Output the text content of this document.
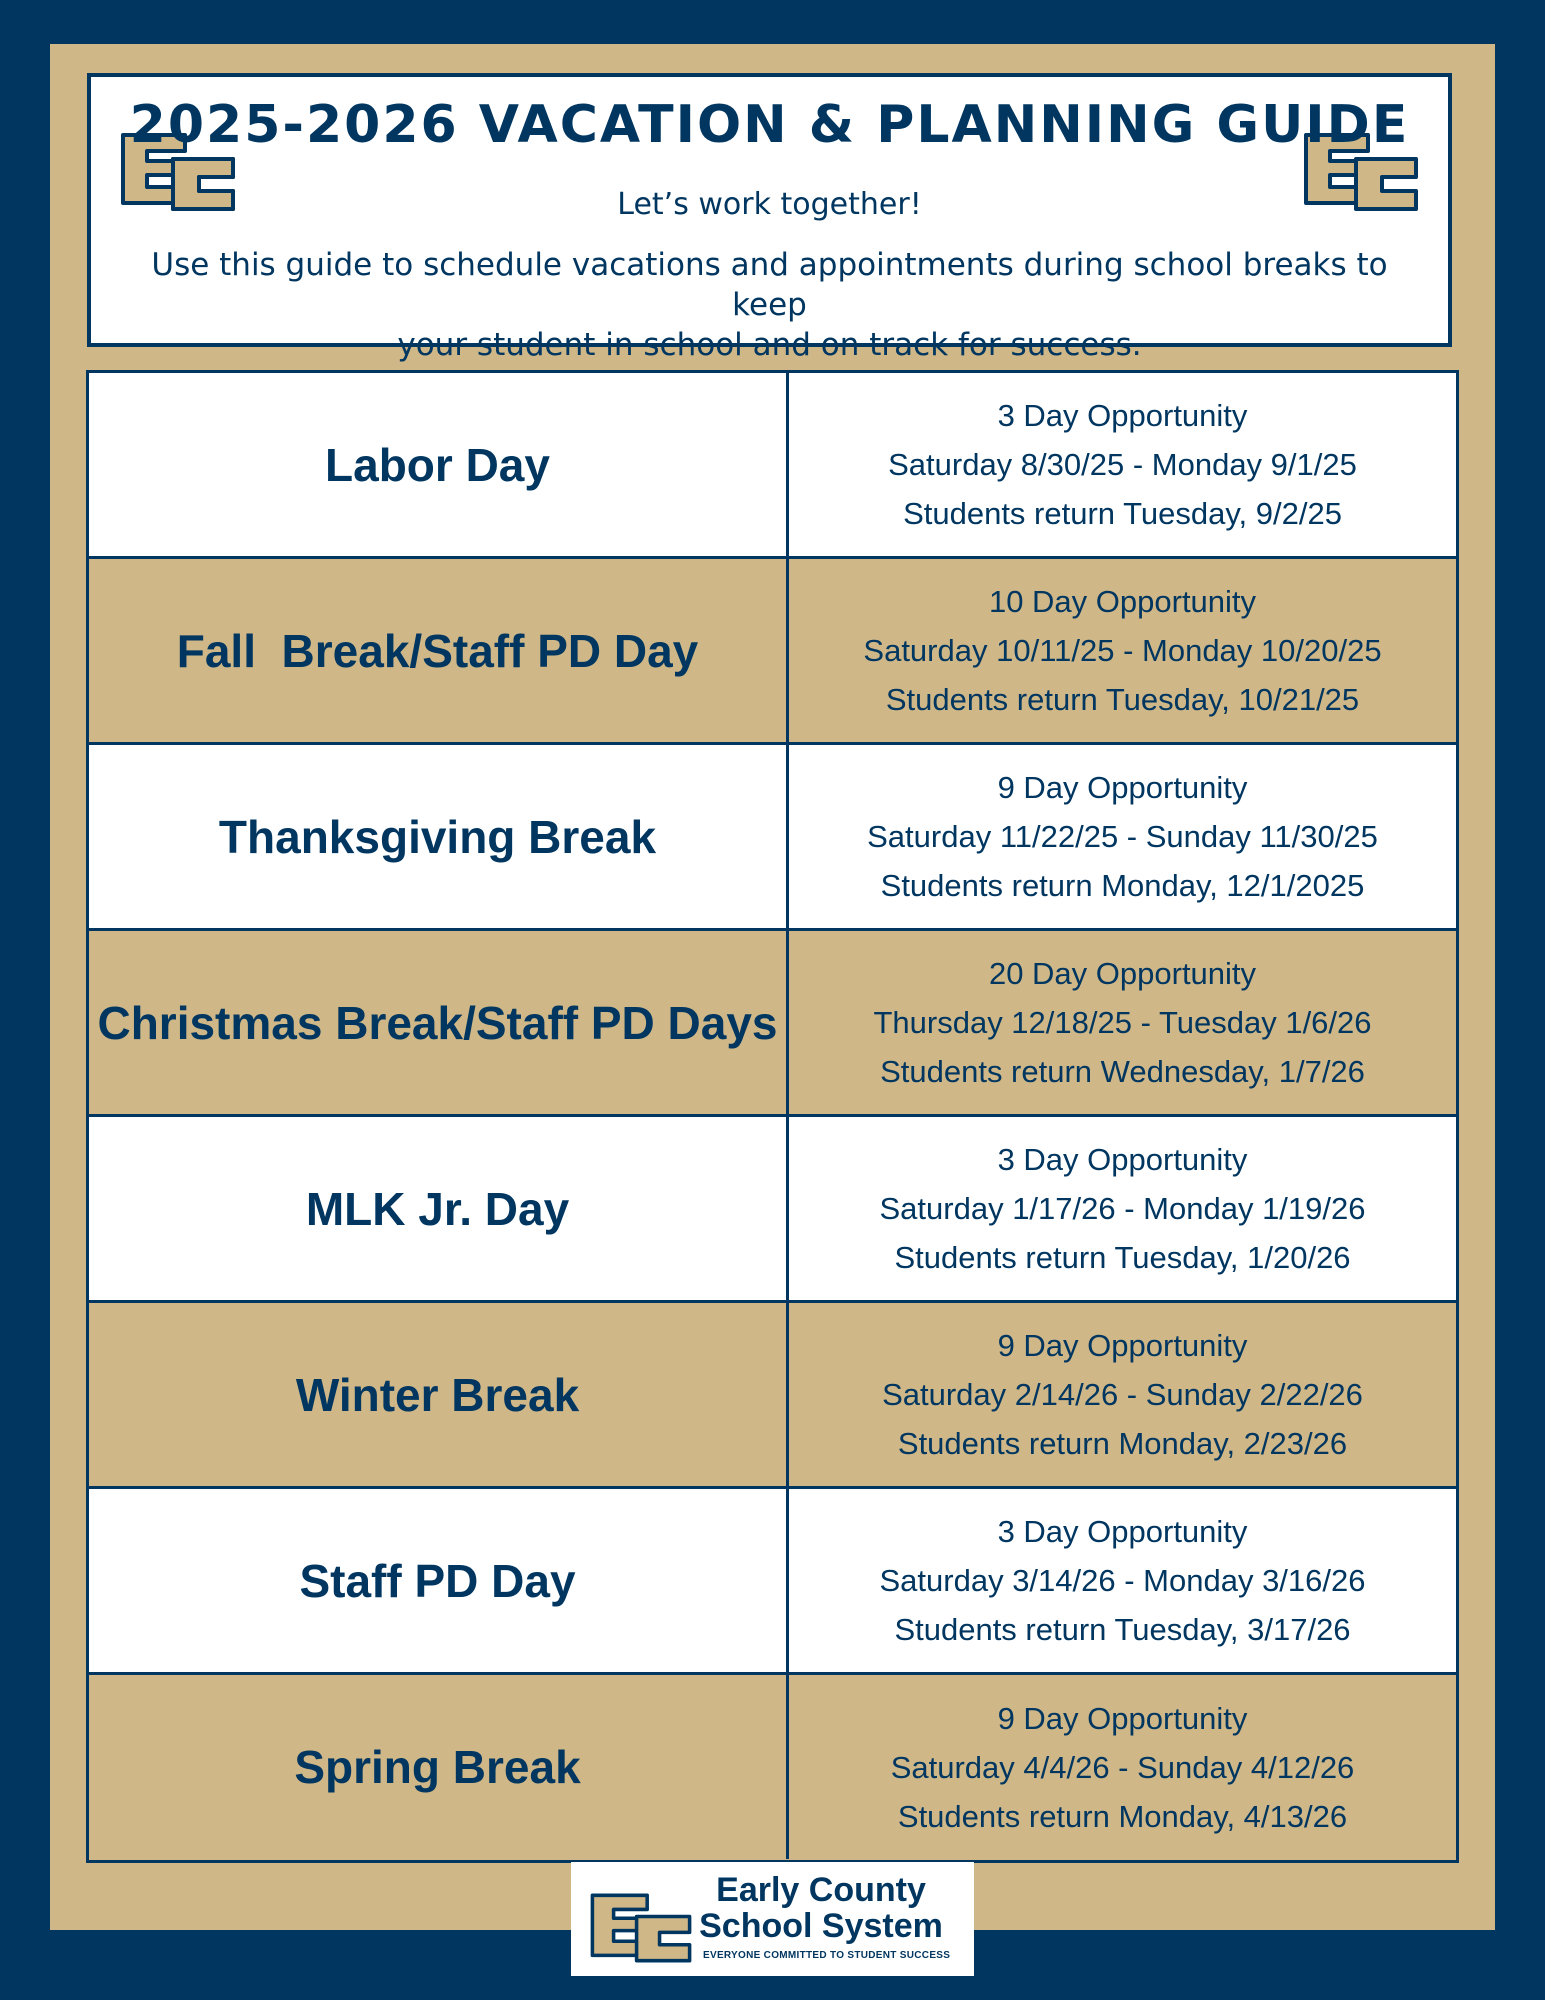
2025-2026 VACATION & PLANNING GUIDE
Let’s work together!
Use this guide to schedule vacations and appointments during school breaks to keep
your student in school and on track for success.
Labor Day
3 Day Opportunity
Saturday 8/30/25 - Monday 9/1/25
Students return Tuesday, 9/2/25
Fall  Break/Staff PD Day
10 Day Opportunity
Saturday 10/11/25 - Monday 10/20/25
Students return Tuesday, 10/21/25
Thanksgiving Break
9 Day Opportunity
Saturday 11/22/25 - Sunday 11/30/25
Students return Monday, 12/1/2025
Christmas Break/Staff PD Days
20 Day Opportunity
Thursday 12/18/25 - Tuesday 1/6/26
Students return Wednesday, 1/7/26
MLK Jr. Day
3 Day Opportunity
Saturday 1/17/26 - Monday 1/19/26
Students return Tuesday, 1/20/26
Winter Break
9 Day Opportunity
Saturday 2/14/26 - Sunday 2/22/26
Students return Monday, 2/23/26
Staff PD Day
3 Day Opportunity
Saturday 3/14/26 - Monday 3/16/26
Students return Tuesday, 3/17/26
Spring Break
9 Day Opportunity
Saturday 4/4/26 - Sunday 4/12/26
Students return Monday, 4/13/26
Early County
School System
EVERYONE COMMITTED TO STUDENT SUCCESS
